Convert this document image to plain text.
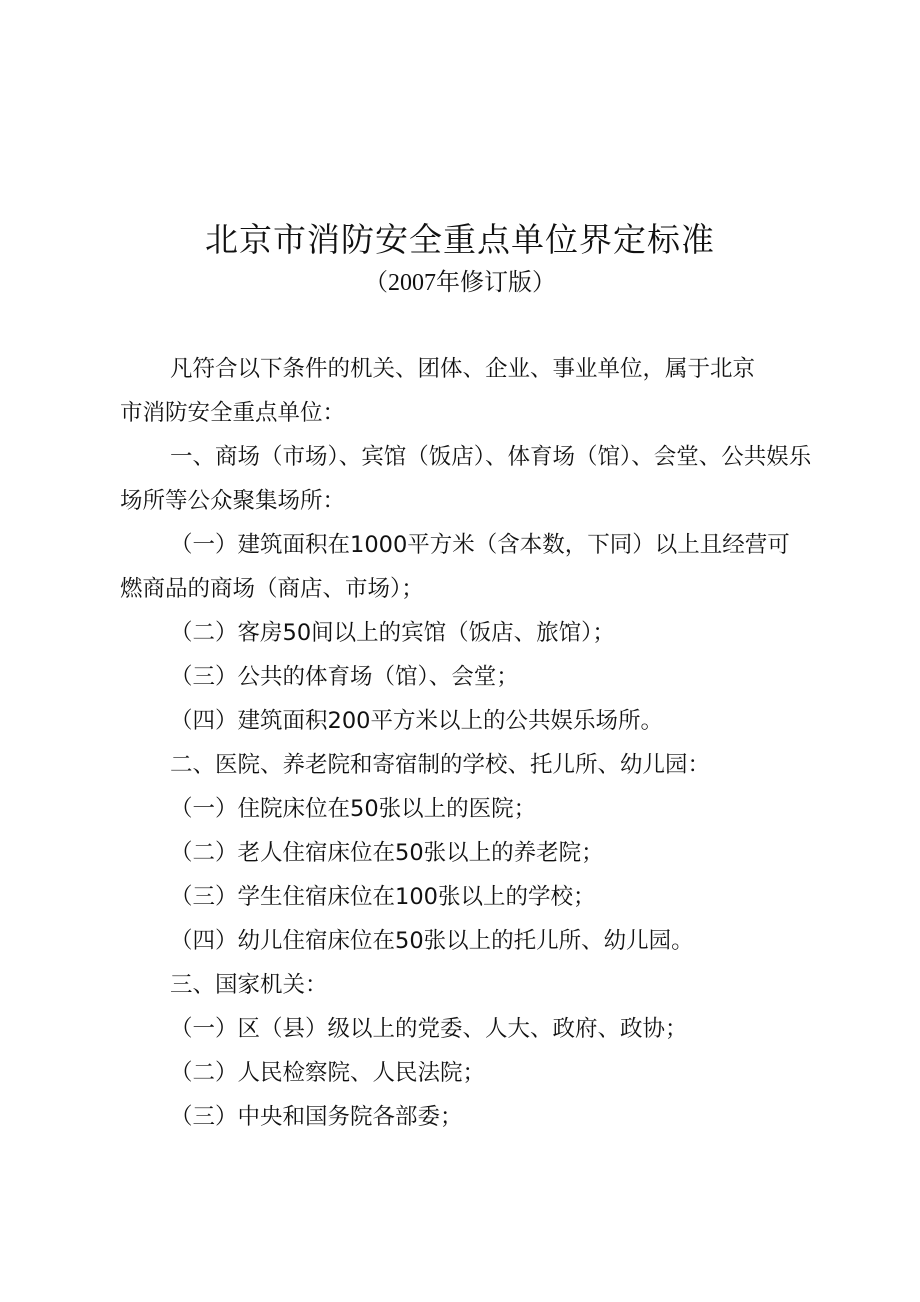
北京市消防安全重点单位界定标准
（2007年修订版）
凡符合以下条件的机关、团体、企业、事业单位，属于北京
市消防安全重点单位：
一、商场（市场）、宾馆（饭店）、体育场（馆）、会堂、公共娱乐
场所等公众聚集场所：
（一）建筑面积在1000平方米（含本数，下同）以上且经营可
燃商品的商场（商店、市场）；
（二）客房50间以上的宾馆（饭店、旅馆）；
（三）公共的体育场（馆）、会堂；
（四）建筑面积200平方米以上的公共娱乐场所。
二、医院、养老院和寄宿制的学校、托儿所、幼儿园：
（一）住院床位在50张以上的医院；
（二）老人住宿床位在50张以上的养老院；
（三）学生住宿床位在100张以上的学校；
（四）幼儿住宿床位在50张以上的托儿所、幼儿园。
三、国家机关：
（一）区（县）级以上的党委、人大、政府、政协；
（二）人民检察院、人民法院；
（三）中央和国务院各部委；
